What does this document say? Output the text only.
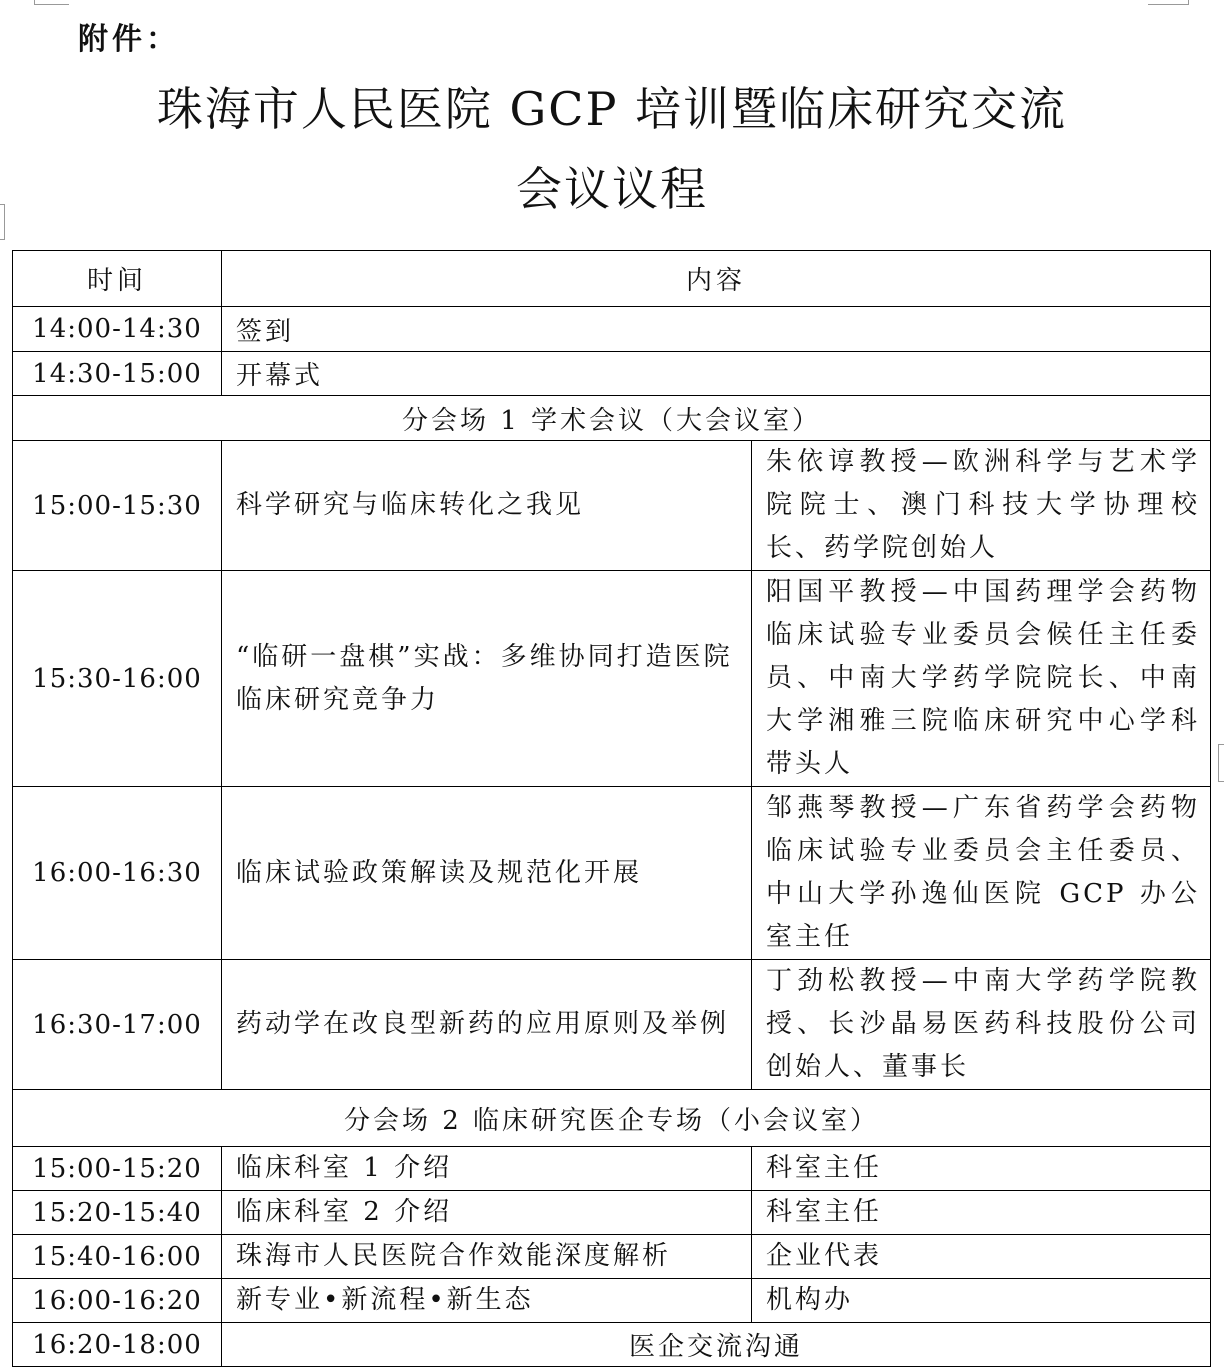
附件：
珠海市人民医院 GCP 培训暨临床研究交流
会议议程
时间	内容	
14:00-14:30	签到	
14:30-15:00	开幕式	
分会场 1 学术会议（大会议室）		
15:00-15:30	科学研究与临床转化之我见	朱依谆教授—欧洲科学与艺术学院院士、澳门科技大学协理校长、药学院创始人
15:30-16:00	“临研一盘棋”实战：多维协同打造医院临床研究竞争力	阳国平教授—中国药理学会药物临床试验专业委员会候任主任委员、中南大学药学院院长、中南大学湘雅三院临床研究中心学科带头人
16:00-16:30	临床试验政策解读及规范化开展	邹燕琴教授—广东省药学会药物临床试验专业委员会主任委员、中山大学孙逸仙医院 GCP 办公室主任
16:30-17:00	药动学在改良型新药的应用原则及举例	丁劲松教授—中南大学药学院教授、长沙晶易医药科技股份公司创始人、董事长
分会场 2 临床研究医企专场（小会议室）		
15:00-15:20	临床科室 1 介绍	科室主任
15:20-15:40	临床科室 2 介绍	科室主任
15:40-16:00	珠海市人民医院合作效能深度解析	企业代表
16:00-16:20	新专业•新流程•新生态	机构办
16:20-18:00	医企交流沟通	
